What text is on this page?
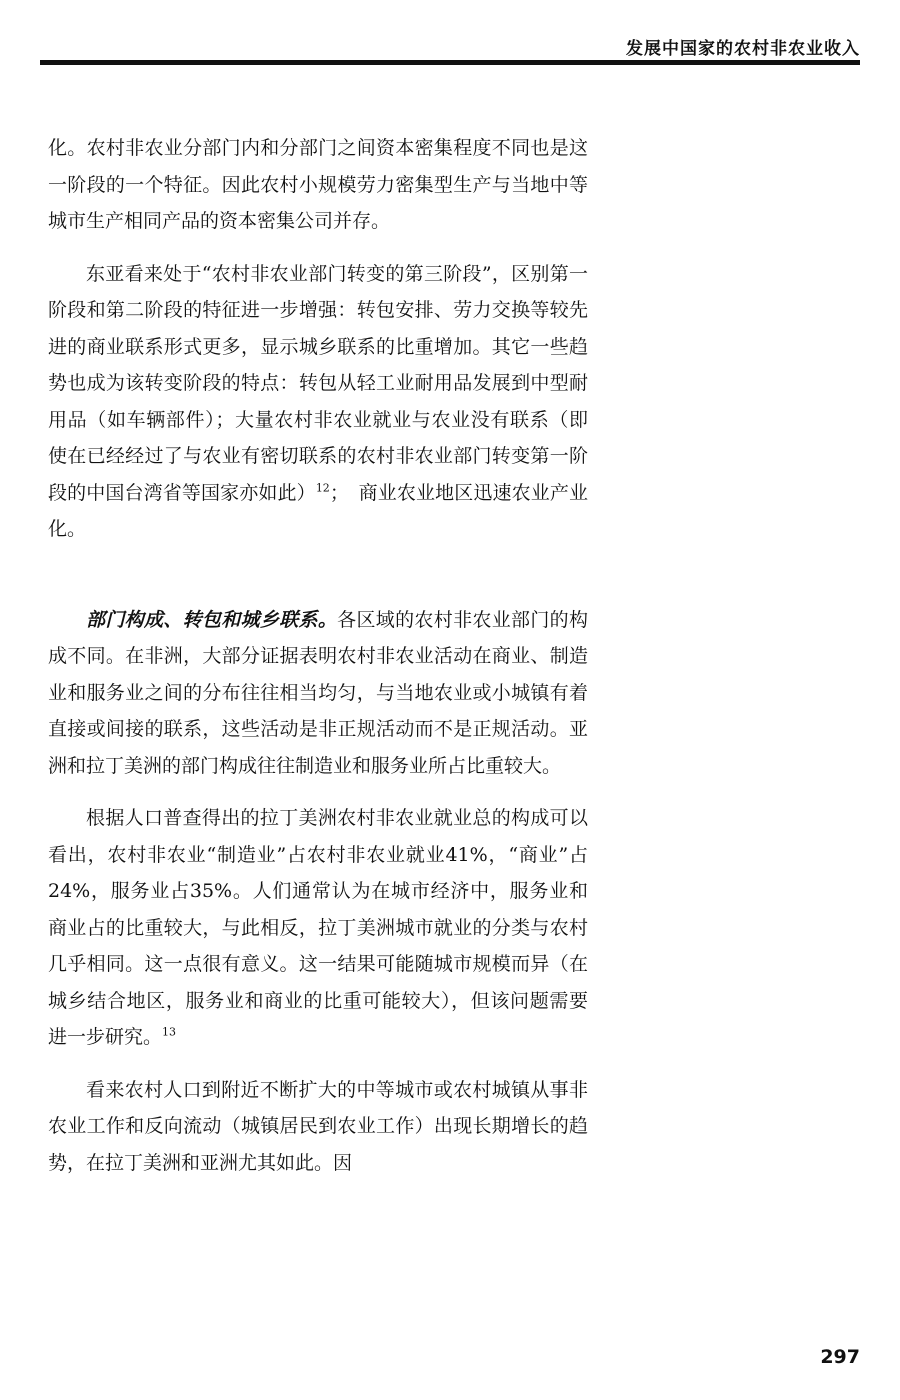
发展中国家的农村非农业收入

化。农村非农业分部门内和分部门之间资本密集程度不同也是这一阶段的一个特征。因此农村小规模劳力密集型生产与当地中等城市生产相同产品的资本密集公司并存。

东亚看来处于“农村非农业部门转变的第三阶段”，区别第一阶段和第二阶段的特征进一步增强：转包安排、劳力交换等较先进的商业联系形式更多，显示城乡联系的比重增加。其它一些趋势也成为该转变阶段的特点：转包从轻工业耐用品发展到中型耐用品（如车辆部件）；大量农村非农业就业与农业没有联系（即使在已经经过了与农业有密切联系的农村非农业部门转变第一阶段的中国台湾省等国家亦如此）$^{12}$；　商业农业地区迅速农业产业化。

部门构成、转包和城乡联系。各区域的农村非农业部门的构成不同。在非洲，大部分证据表明农村非农业活动在商业、制造业和服务业之间的分布往往相当均匀，与当地农业或小城镇有着直接或间接的联系，这些活动是非正规活动而不是正规活动。亚洲和拉丁美洲的部门构成往往制造业和服务业所占比重较大。

根据人口普查得出的拉丁美洲农村非农业就业总的构成可以看出，农村非农业“制造业”占农村非农业就业41%，“商业”占24%，服务业占35%。人们通常认为在城市经济中，服务业和商业占的比重较大，与此相反，拉丁美洲城市就业的分类与农村几乎相同。这一点很有意义。这一结果可能随城市规模而异（在城乡结合地区，服务业和商业的比重可能较大），但该问题需要进一步研究。$^{13}$

看来农村人口到附近不断扩大的中等城市或农村城镇从事非农业工作和反向流动（城镇居民到农业工作）出现长期增长的趋势，在拉丁美洲和亚洲尤其如此。因

297
